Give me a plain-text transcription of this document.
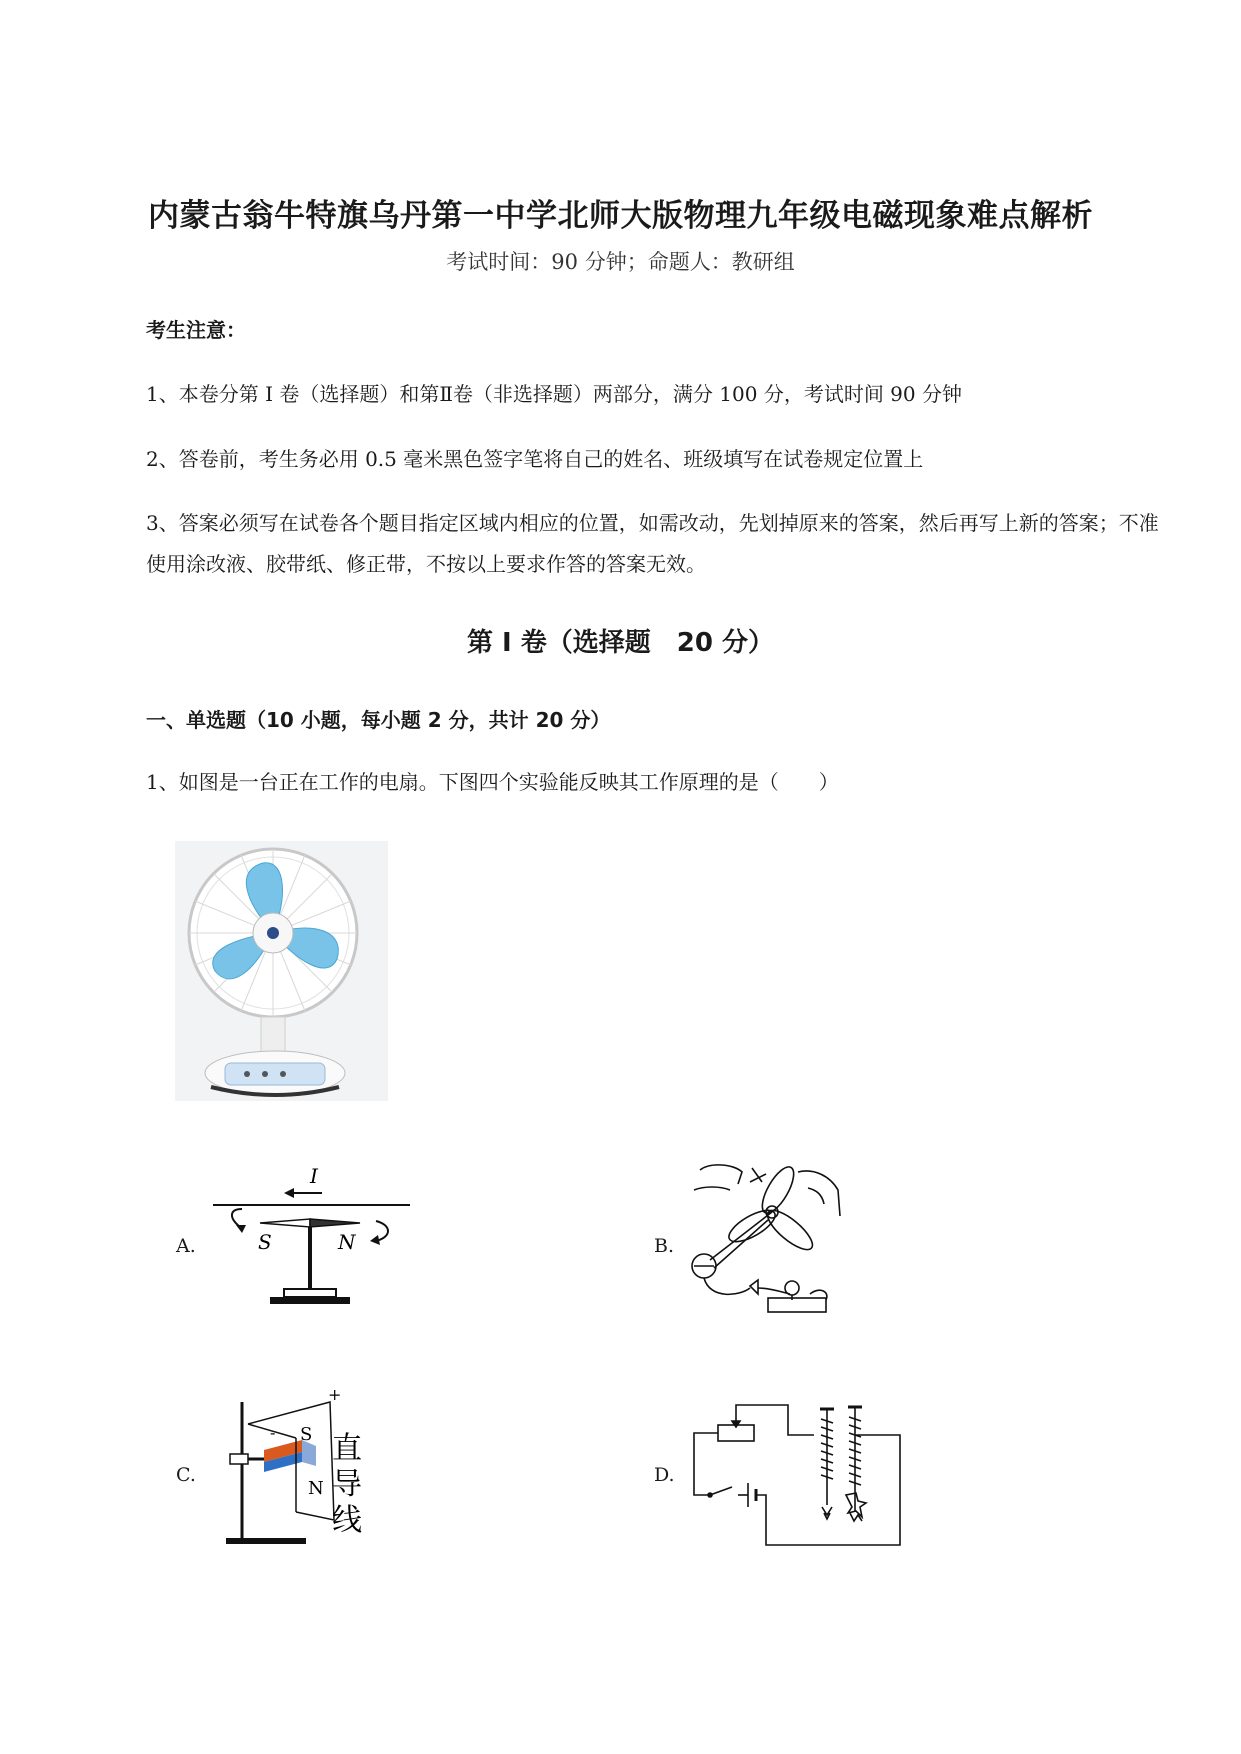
内蒙古翁牛特旗乌丹第一中学北师大版物理九年级电磁现象难点解析
考试时间：90 分钟；命题人：教研组
考生注意：
1、本卷分第 I 卷（选择题）和第Ⅱ卷（非选择题）两部分，满分 100 分，考试时间 90 分钟
2、答卷前，考生务必用 0.5 毫米黑色签字笔将自己的姓名、班级填写在试卷规定位置上
3、答案必须写在试卷各个题目指定区域内相应的位置，如需改动，先划掉原来的答案，然后再写上新的答案；不准使用涂改液、胶带纸、修正带，不按以上要求作答的答案无效。
第 I 卷（选择题　20 分）
一、单选题（10 小题，每小题 2 分，共计 20 分）
1、如图是一台正在工作的电扇。下图四个实验能反映其工作原理的是（　　）
A.
I
S	N	B.
C.
+
- S
N
直
导
线
D.
